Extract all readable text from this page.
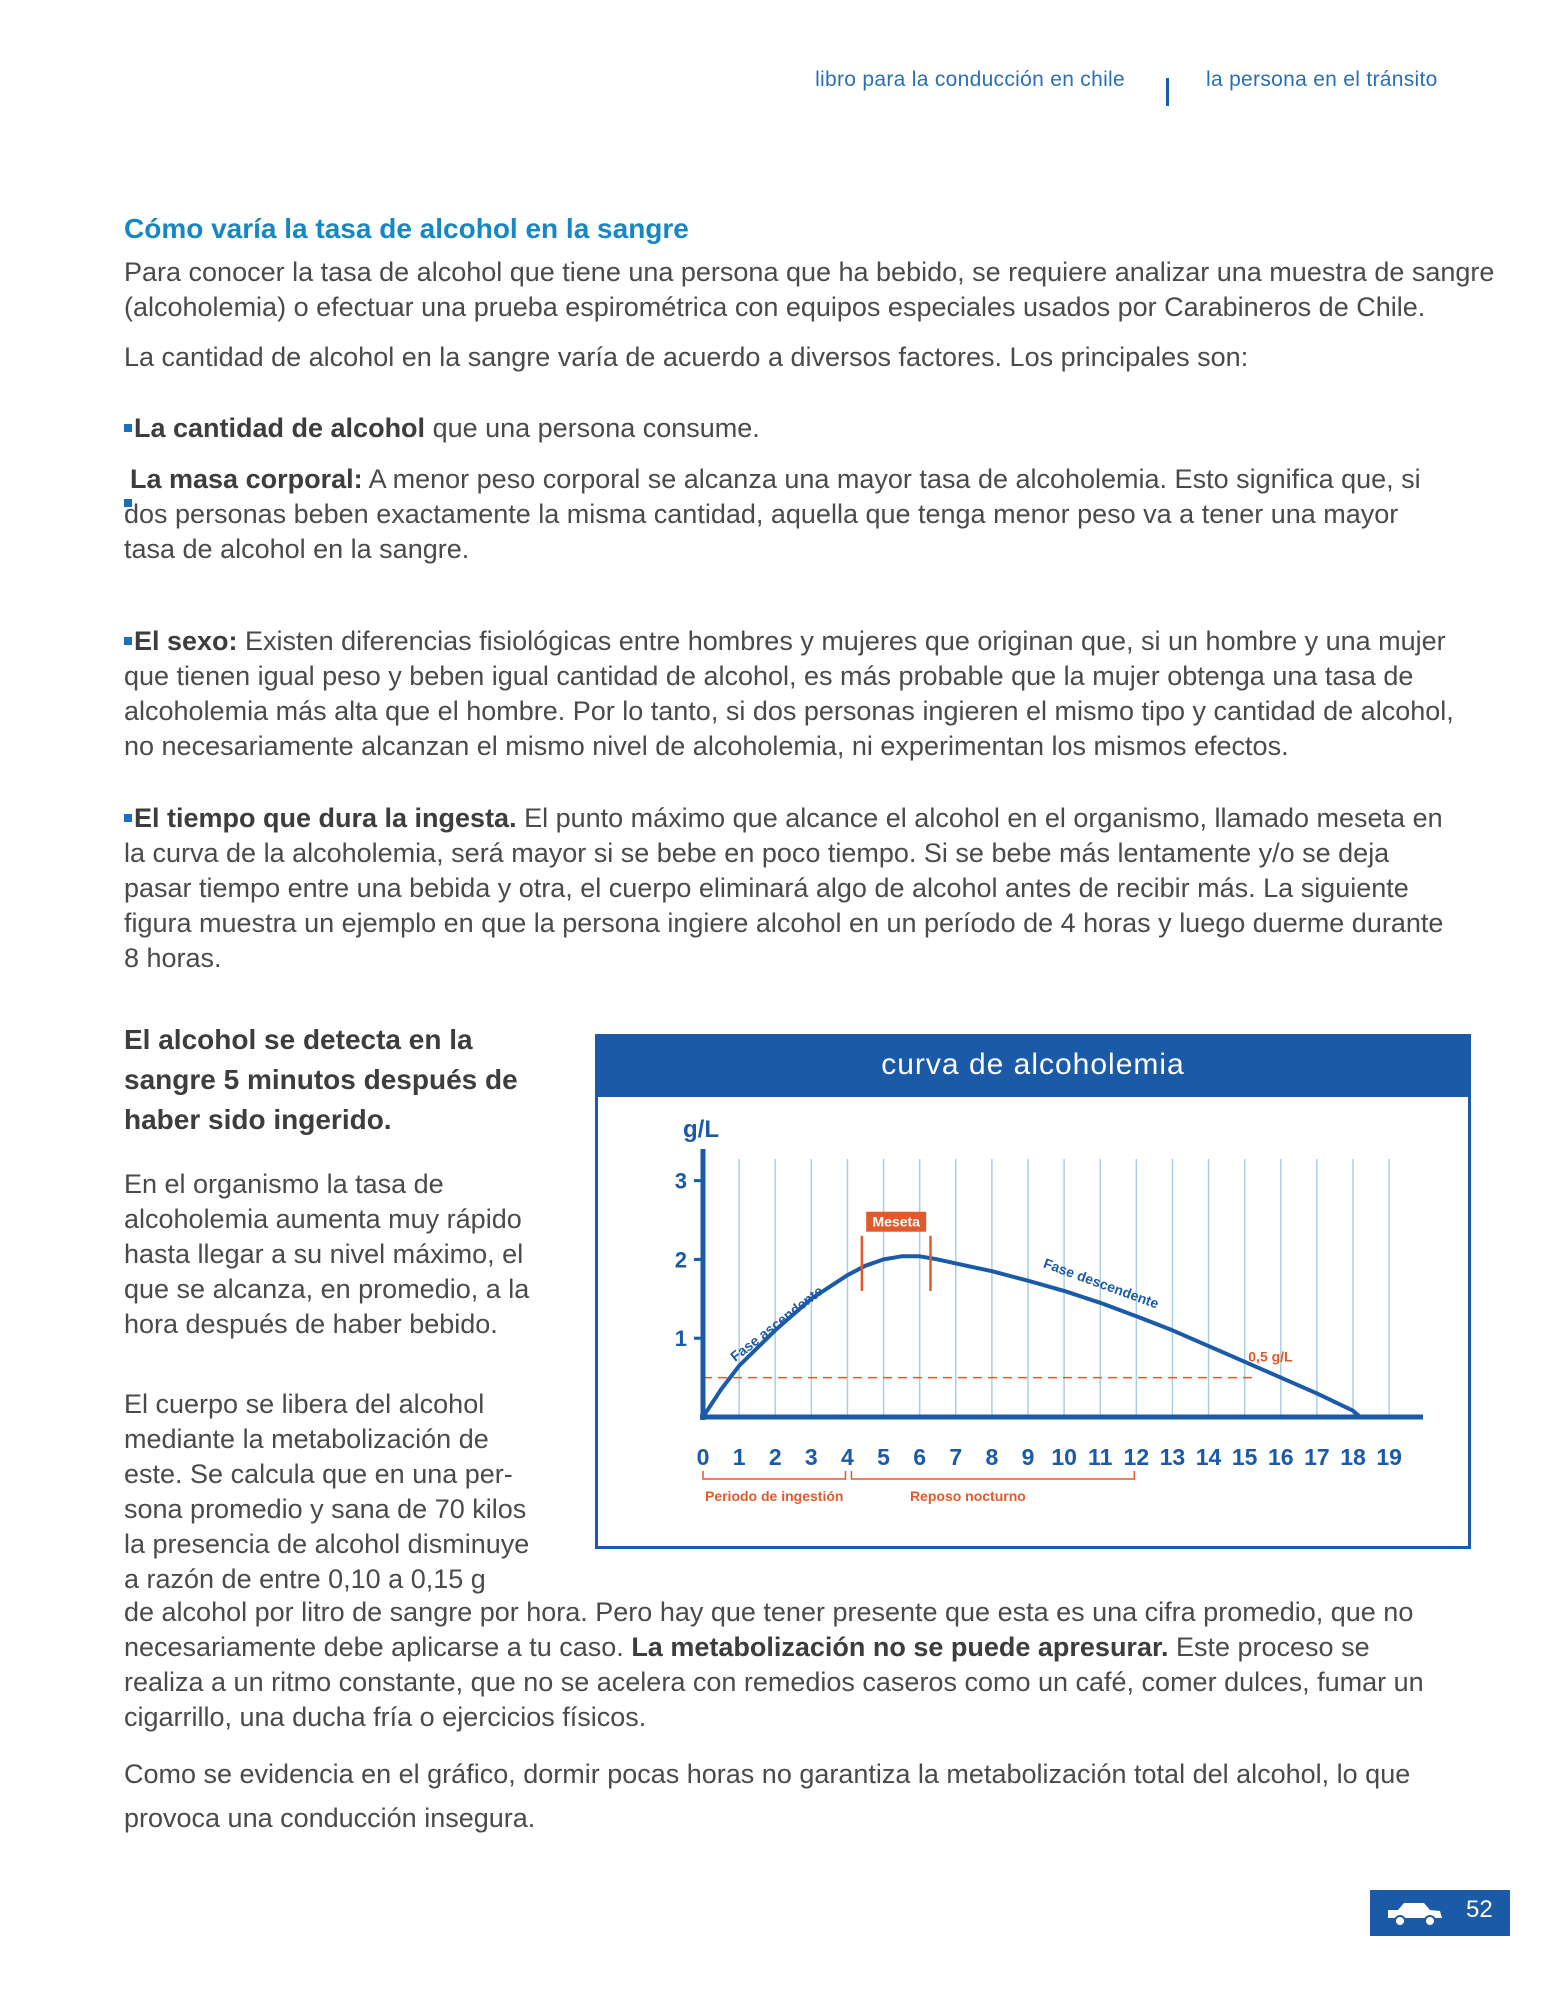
libro para la conducción en chile	la persona en el tránsito
Cómo varía la tasa de alcohol en la sangre
Para conocer la tasa de alcohol que tiene una persona que ha bebido, se requiere analizar una muestra de sangre (alcoholemia) o efectuar una prueba espirométrica con equipos especiales usados por Carabineros de Chile.
La cantidad de alcohol en la sangre varía de acuerdo a diversos factores. Los principales son:
La cantidad de alcohol que una persona consume.
La masa corporal: A menor peso corporal se alcanza una mayor tasa de alcoholemia. Esto significa que, si dos personas beben exactamente la misma cantidad, aquella que tenga menor peso va a tener una mayor tasa de alcohol en la sangre.
El sexo: Existen diferencias fisiológicas entre hombres y mujeres que originan que, si un hombre y una mujer que tienen igual peso y beben igual cantidad de alcohol, es más probable que la mujer obtenga una tasa de alcoholemia más alta que el hombre. Por lo tanto, si dos personas ingieren el mismo tipo y cantidad de alcohol, no necesariamente alcanzan el mismo nivel de alcoholemia, ni experimentan los mismos efectos.
El tiempo que dura la ingesta. El punto máximo que alcance el alcohol en el organismo, llamado meseta en la curva de la alcoholemia, será mayor si se bebe en poco tiempo. Si se bebe más lentamente y/o se deja pasar tiempo entre una bebida y otra, el cuerpo eliminará algo de alcohol antes de recibir más. La siguiente figura muestra un ejemplo en que la persona ingiere alcohol en un período de 4 horas y luego duerme durante 8 horas.
El alcohol se detecta en la sangre 5 minutos después de haber sido ingerido.
En el organismo la tasa de alcoholemia aumenta muy rápido hasta llegar a su nivel máximo, el que se alcanza, en promedio, a la hora después de haber bebido.
El cuerpo se libera del alcohol
mediante la metabolización de
este. Se calcula que en una per-
sona promedio y sana de 70 kilos
la presencia de alcohol disminuye
a razón de entre 0,10 a 0,15 g
curva de alcoholemia
0,5 g/L
g/L
1
2
3
0 1 2 3 4 5 6 7 8 9 10 11 12 13 14 15 16 17 18 19
Fase ascendente	Fase descendente
Meseta
Periodo de ingestión	Reposo nocturno
de alcohol por litro de sangre por hora. Pero hay que tener presente que esta es una cifra promedio, que no necesariamente debe aplicarse a tu caso. La metabolización no se puede apresurar. Este proceso se realiza a un ritmo constante, que no se acelera con remedios caseros como un café, comer dulces, fumar un cigarrillo, una ducha fría o ejercicios físicos.
Como se evidencia en el gráfico, dormir pocas horas no garantiza la metabolización total del alcohol, lo que provoca una conducción insegura.
52
